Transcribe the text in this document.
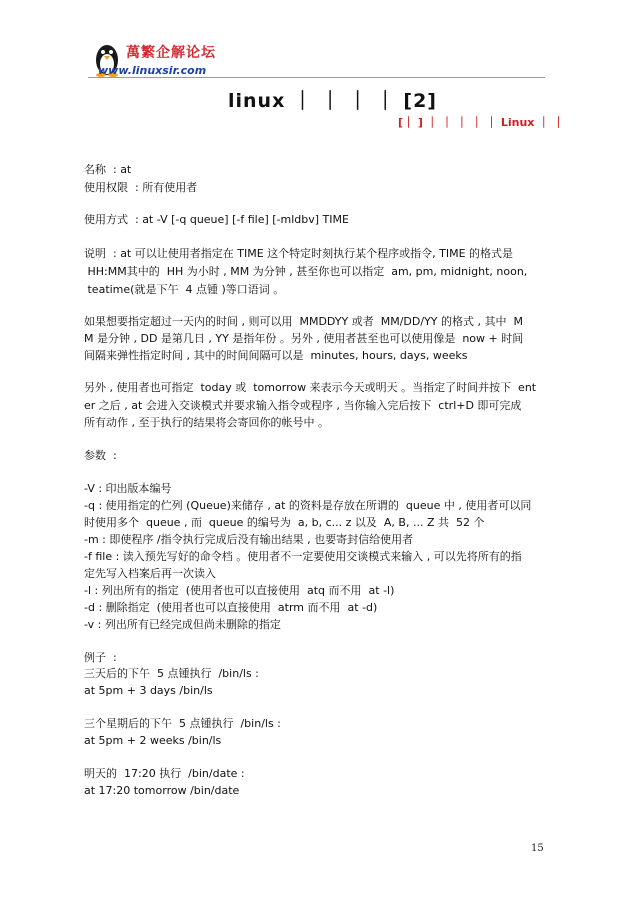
萬繁企解论坛
www.linuxsir.com
linux ｜ ｜ ｜ ｜ [2]
[｜ ] ｜ ｜ ｜ ｜ ｜ Linux ｜ ｜
名称  : at
使用权限  : 所有使用者
使用方式  : at -V [-q queue] [-f file] [-mldbv] TIME
说明  : at 可以让使用者指定在 TIME 这个特定时刻执行某个程序或指令, TIME 的格式是
HH:MM其中的  HH 为小时 , MM 为分钟 , 甚至你也可以指定  am, pm, midnight, noon,
teatime(就是下午  4 点锺 )等口语词 。
如果想要指定超过一天内的时间 , 则可以用  MMDDYY 或者  MM/DD/YY 的格式 , 其中  M
M 是分钟 , DD 是第几日 , YY 是指年份 。另外 , 使用者甚至也可以使用像是  now + 时间
间隔来弹性指定时间 , 其中的时间间隔可以是  minutes, hours, days, weeks
另外 , 使用者也可指定  today 或  tomorrow 来表示今天或明天 。当指定了时间并按下  ent
er 之后 , at 会进入交谈模式并要求输入指令或程序 , 当你输入完后按下  ctrl+D 即可完成
所有动作 , 至于执行的结果将会寄回你的帐号中 。
参数  :
-V : 印出版本编号
-q : 使用指定的伫列 (Queue)来储存 , at 的资料是存放在所谓的  queue 中 , 使用者可以同
时使用多个  queue , 而  queue 的编号为  a, b, c... z 以及  A, B, ... Z 共  52 个
-m : 即使程序 /指令执行完成后没有输出结果 , 也要寄封信给使用者
-f file : 读入预先写好的命令档 。使用者不一定要使用交谈模式来输入 , 可以先将所有的指
定先写入档案后再一次读入
-l : 列出所有的指定  (使用者也可以直接使用  atq 而不用  at -l)
-d : 删除指定  (使用者也可以直接使用  atrm 而不用  at -d)
-v : 列出所有已经完成但尚未删除的指定
例子  :
三天后的下午  5 点锺执行  /bin/ls :
at 5pm + 3 days /bin/ls
三个星期后的下午  5 点锺执行  /bin/ls :
at 5pm + 2 weeks /bin/ls
明天的  17:20 执行  /bin/date :
at 17:20 tomorrow /bin/date
15
